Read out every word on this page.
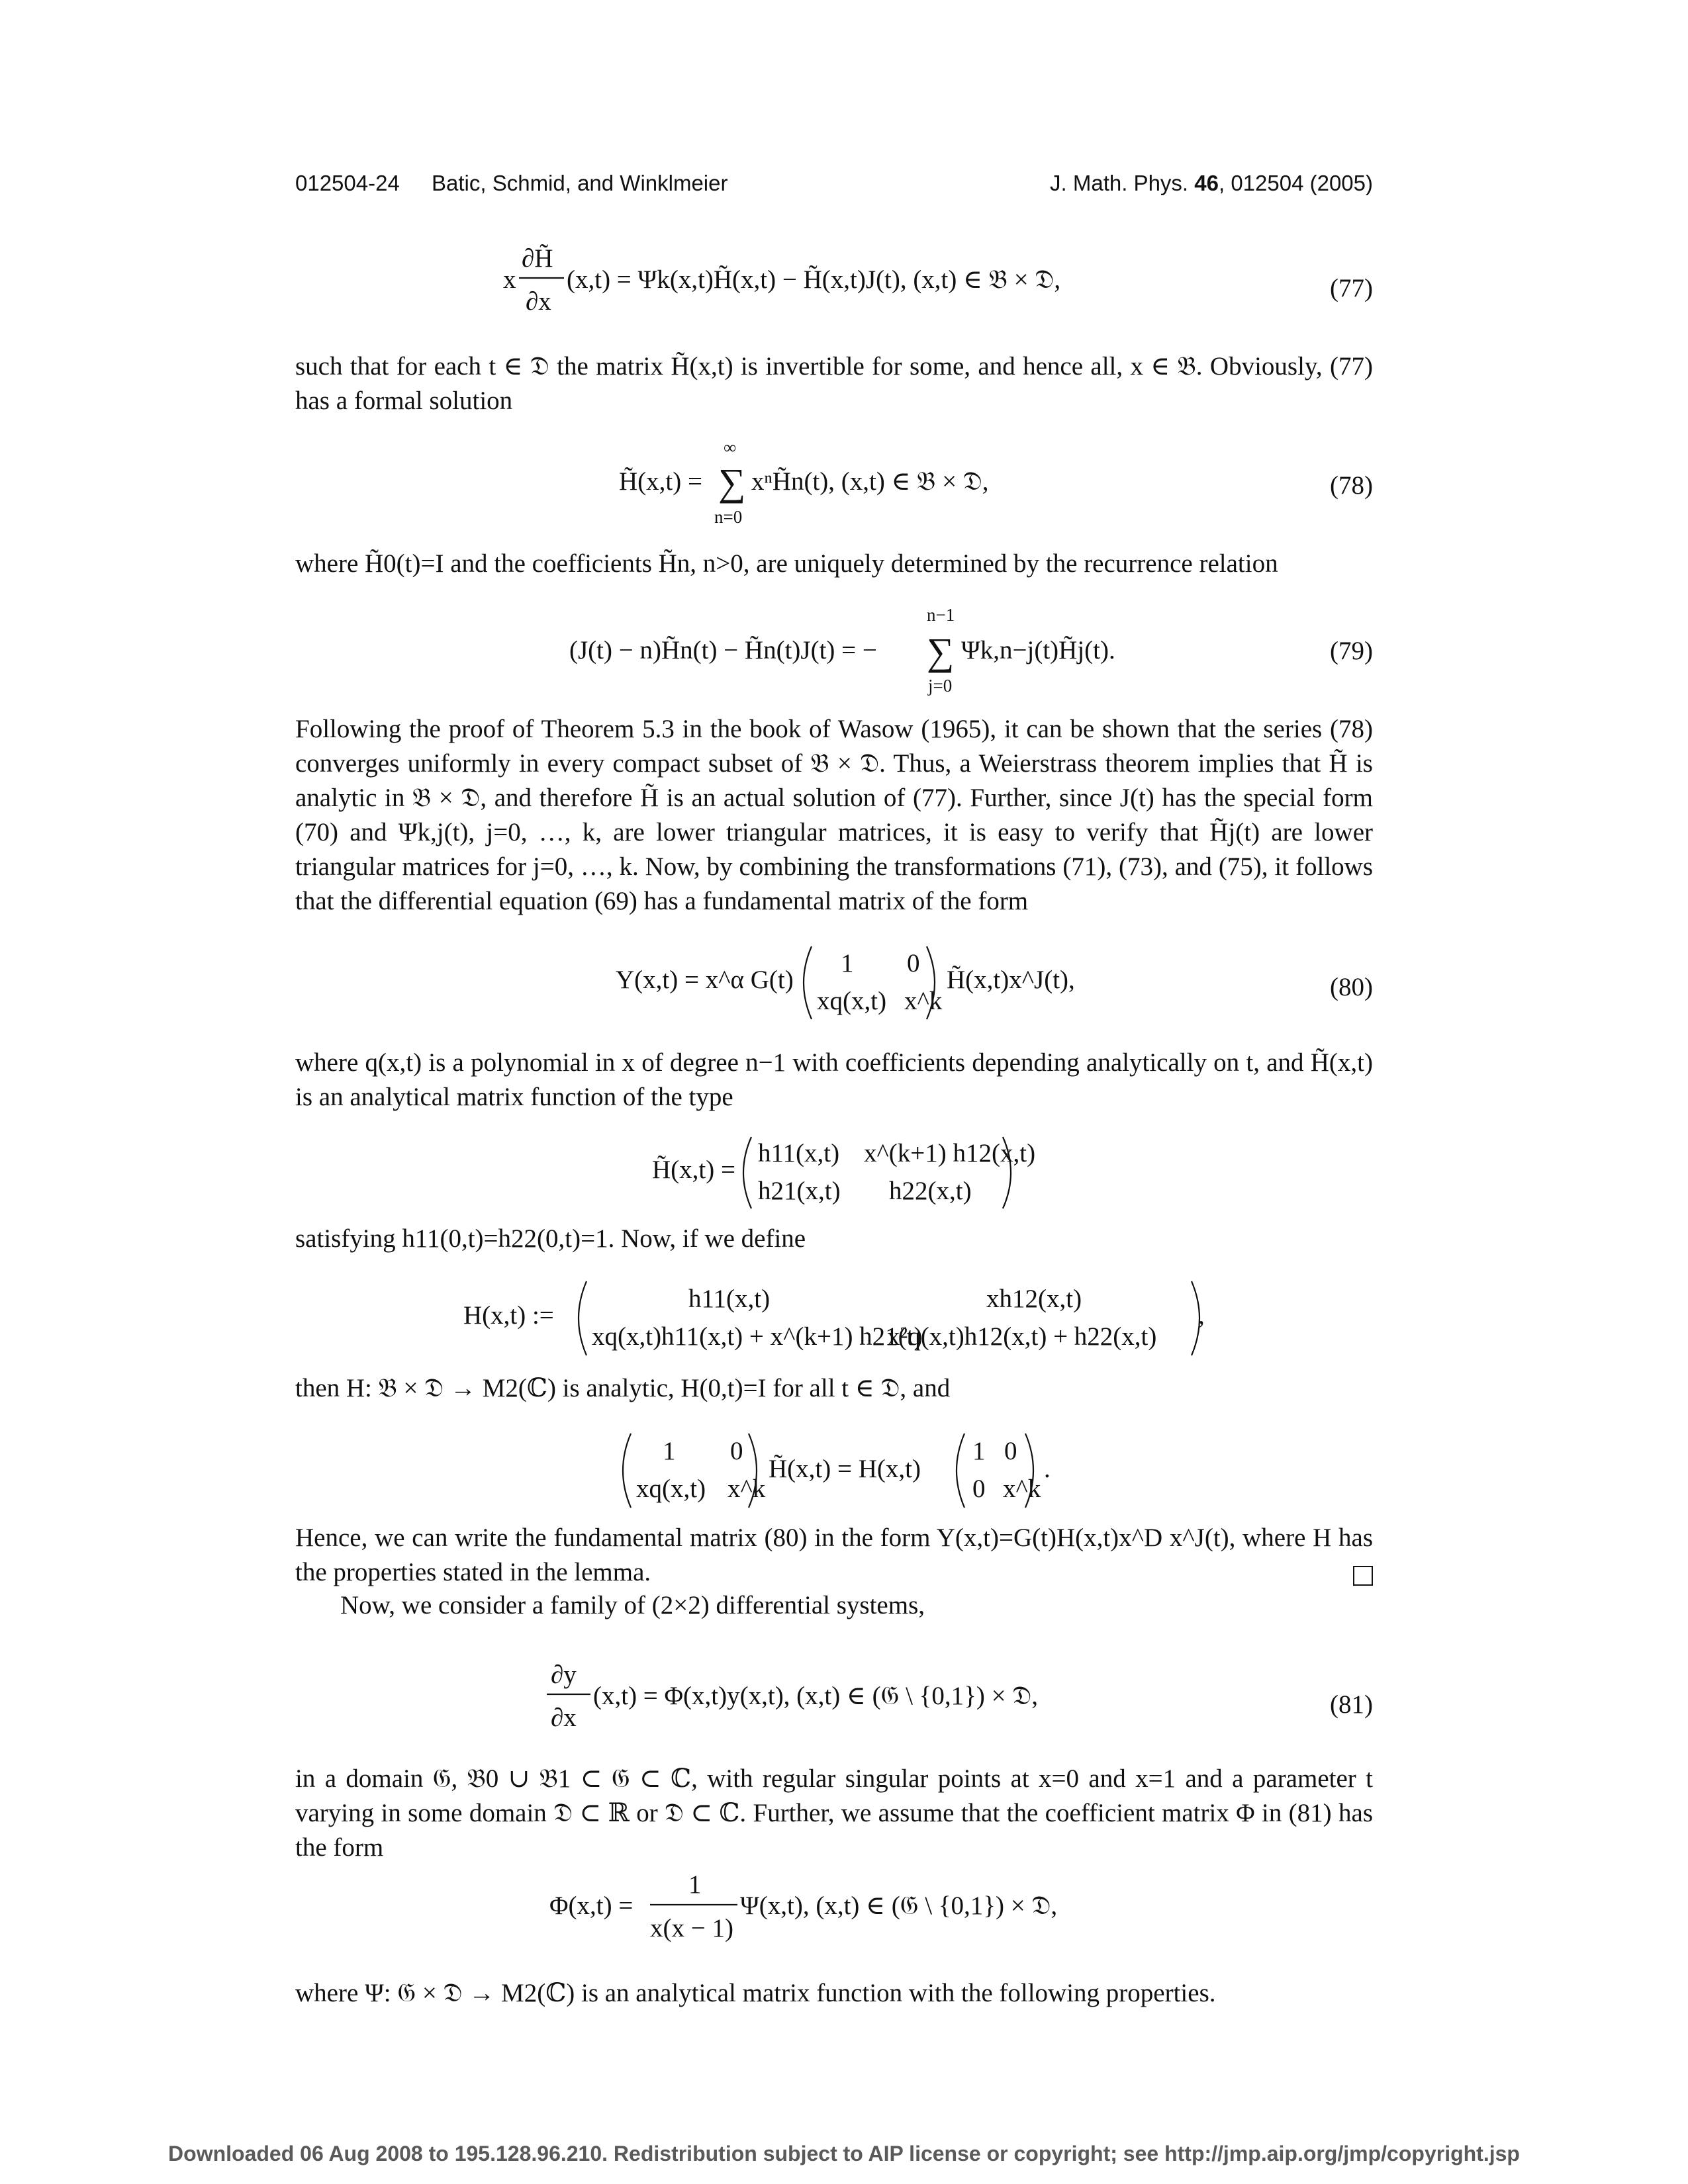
012504-24 Batic, Schmid, and Winklmeier	J. Math. Phys. 46, 012504 (2005)
x
∂H̃
∂x
(x,t) = Ψk(x,t)H̃(x,t) − H̃(x,t)J(t), (x,t) ∈ 𝔅 × 𝔇,	(77)
such that for each t ∈ 𝔇 the matrix H̃(x,t) is invertible for some, and hence all, x ∈ 𝔅. Obviously, (77) has a formal solution
H̃(x,t) =
∞
∑
n=0
xⁿH̃n(t), (x,t) ∈ 𝔅 × 𝔇,	(78)
where H̃0(t)=I and the coefficients H̃n, n>0, are uniquely determined by the recurrence relation
(J(t) − n)H̃n(t) − H̃n(t)J(t) = −
n−1
∑
j=0
Ψk,n−j(t)H̃j(t).	(79)
Following the proof of Theorem 5.3 in the book of Wasow (1965), it can be shown that the series (78) converges uniformly in every compact subset of 𝔅 × 𝔇. Thus, a Weierstrass theorem implies that H̃ is analytic in 𝔅 × 𝔇, and therefore H̃ is an actual solution of (77). Further, since J(t) has the special form (70) and Ψk,j(t), j=0, …, k, are lower triangular matrices, it is easy to verify that H̃j(t) are lower triangular matrices for j=0, …, k. Now, by combining the transformations (71), (73), and (75), it follows that the differential equation (69) has a fundamental matrix of the form
Y(x,t) = x^α G(t)
1 0
xq(x,t) x^k
H̃(x,t)x^J(t),	(80)
where q(x,t) is a polynomial in x of degree n−1 with coefficients depending analytically on t, and H̃(x,t) is an analytical matrix function of the type
H̃(x,t) =
h11(x,t) x^(k+1) h12(x,t)
h21(x,t) h22(x,t)
satisfying h11(0,t)=h22(0,t)=1. Now, if we define
H(x,t) :=
h11(x,t)	xh12(x,t)
xq(x,t)h11(x,t) + x^(k+1) h21(t)
x²q(x,t)h12(x,t) + h22(x,t)
,
then H: 𝔅 × 𝔇 → M2(ℂ) is analytic, H(0,t)=I for all t ∈ 𝔇, and
1 0
xq(x,t) x^k
H̃(x,t) = H(x,t)
1 0
0 x^k
.
Hence, we can write the fundamental matrix (80) in the form Y(x,t)=G(t)H(x,t)x^D x^J(t), where H has the properties stated in the lemma.
Now, we consider a family of (2×2) differential systems,
∂y
∂x
(x,t) = Φ(x,t)y(x,t), (x,t) ∈ (𝔊 \ {0,1}) × 𝔇,	(81)
in a domain 𝔊, 𝔅0 ∪ 𝔅1 ⊂ 𝔊 ⊂ ℂ, with regular singular points at x=0 and x=1 and a parameter t varying in some domain 𝔇 ⊂ ℝ or 𝔇 ⊂ ℂ. Further, we assume that the coefficient matrix Φ in (81) has the form
Φ(x,t) =
1
x(x − 1)
Ψ(x,t), (x,t) ∈ (𝔊 \ {0,1}) × 𝔇,
where Ψ: 𝔊 × 𝔇 → M2(ℂ) is an analytical matrix function with the following properties.
Downloaded 06 Aug 2008 to 195.128.96.210. Redistribution subject to AIP license or copyright; see http://jmp.aip.org/jmp/copyright.jsp
